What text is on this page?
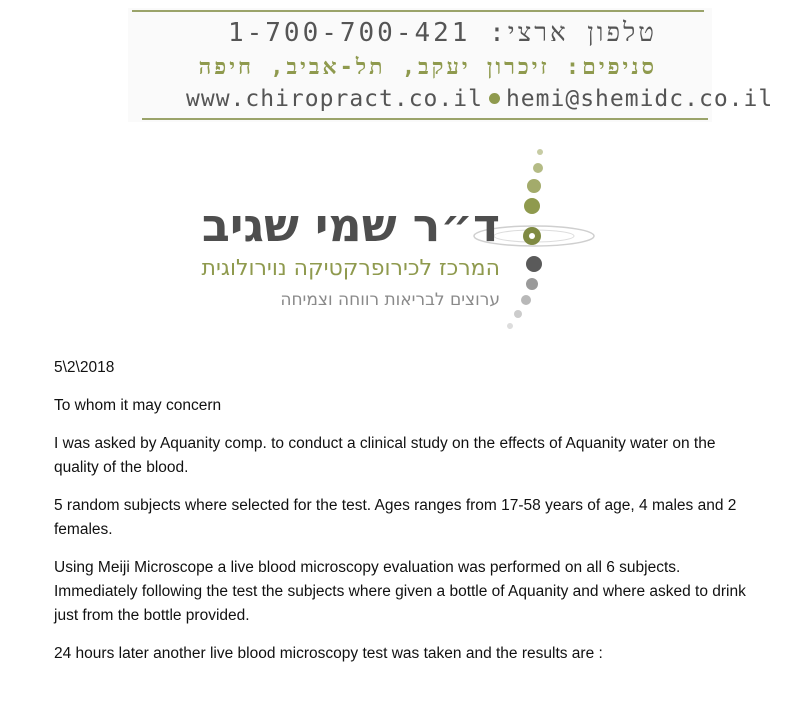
טלפון ארצי: 1-700-700-421
סניפים: זיכרון יעקב, תל-אביב, חיפה
www.chiropract.co.il hemi@shemidc.co.il
ד״ר שמי שגיב
המרכז לכירופרקטיקה נוירולוגית
ערוצים לבריאות רווחה וצמיחה

5\2\2018

To whom it may concern

I was asked by Aquanity comp. to conduct a clinical study on the effects of Aquanity water on the quality of the blood.

5 random subjects where selected for the test. Ages ranges from 17-58 years of age, 4 males and 2 females.

Using Meiji Microscope a live blood microscopy evaluation was performed on all 6 subjects. Immediately following the test the subjects where given a bottle of Aquanity and where asked to drink just from the bottle provided.

24 hours later another live blood microscopy test was taken and the results are :
